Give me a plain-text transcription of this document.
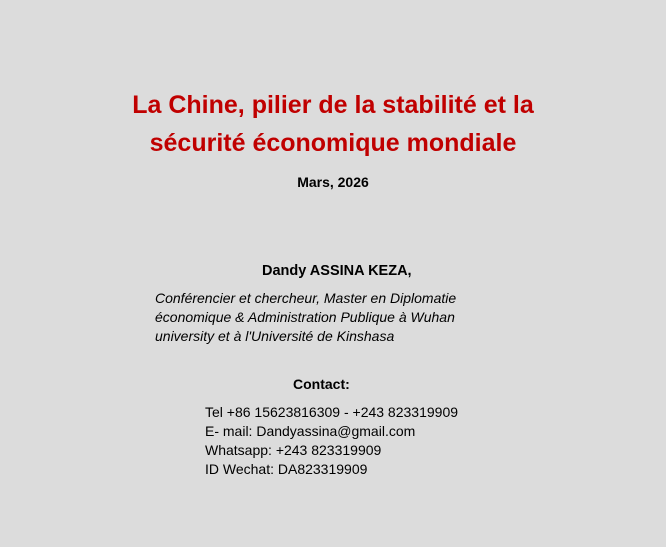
La Chine, pilier de la stabilité et la
sécurité économique mondiale
Mars, 2026
Dandy ASSINA KEZA,
Conférencier et chercheur, Master en Diplomatie
économique & Administration Publique à Wuhan
university et à l'Université de Kinshasa
Contact:
Tel +86 15623816309 - +243 823319909
E- mail: Dandyassina@gmail.com
Whatsapp: +243 823319909
ID Wechat: DA823319909
